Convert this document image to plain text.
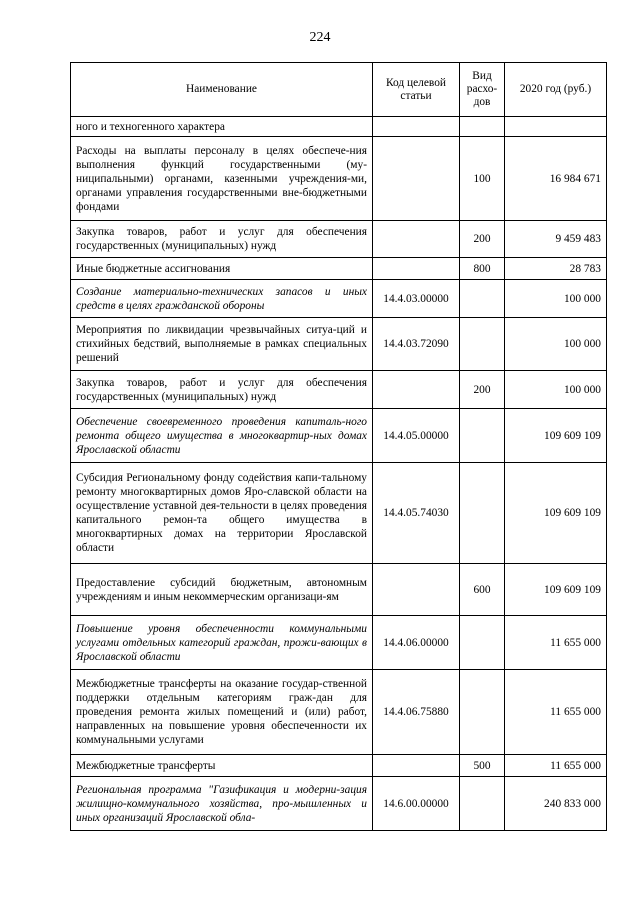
224
Наименование	Код целевой статьи	Вид расхо-дов	2020 год (руб.)
ного и техногенного характера			
Расходы на выплаты персоналу в целях обеспече-ния выполнения функций государственными (му-ниципальными) органами, казенными учреждения-ми, органами управления государственными вне-бюджетными фондами		100	16 984 671
Закупка товаров, работ и услуг для обеспечения государственных (муниципальных) нужд		200	9 459 483
Иные бюджетные ассигнования		800	28 783
Создание материально-технических запасов и иных средств в целях гражданской обороны	14.4.03.00000		100 000
Мероприятия по ликвидации чрезвычайных ситуа-ций и стихийных бедствий, выполняемые в рамках специальных решений	14.4.03.72090		100 000
Закупка товаров, работ и услуг для обеспечения государственных (муниципальных) нужд		200	100 000
Обеспечение своевременного проведения капиталь-ного ремонта общего имущества в многоквартир-ных домах Ярославской области	14.4.05.00000		109 609 109
Субсидия Региональному фонду содействия капи-тальному ремонту многоквартирных домов Яро-славской области на осуществление уставной дея-тельности в целях проведения капитального ремон-та общего имущества в многоквартирных домах на территории Ярославской области	14.4.05.74030		109 609 109
Предоставление субсидий бюджетным, автономным учреждениям и иным некоммерческим организаци-ям		600	109 609 109
Повышение уровня обеспеченности коммунальными услугами отдельных категорий граждан, прожи-вающих в Ярославской области	14.4.06.00000		11 655 000
Межбюджетные трансферты на оказание государ-ственной поддержки отдельным категориям граж-дан для проведения ремонта жилых помещений и (или) работ, направленных на повышение уровня обеспеченности их коммунальными услугами	14.4.06.75880		11 655 000
Межбюджетные трансферты		500	11 655 000
Региональная программа "Газификация и модерни-зация жилищно-коммунального хозяйства, про-мышленных и иных организаций Ярославской обла-	14.6.00.00000		240 833 000
